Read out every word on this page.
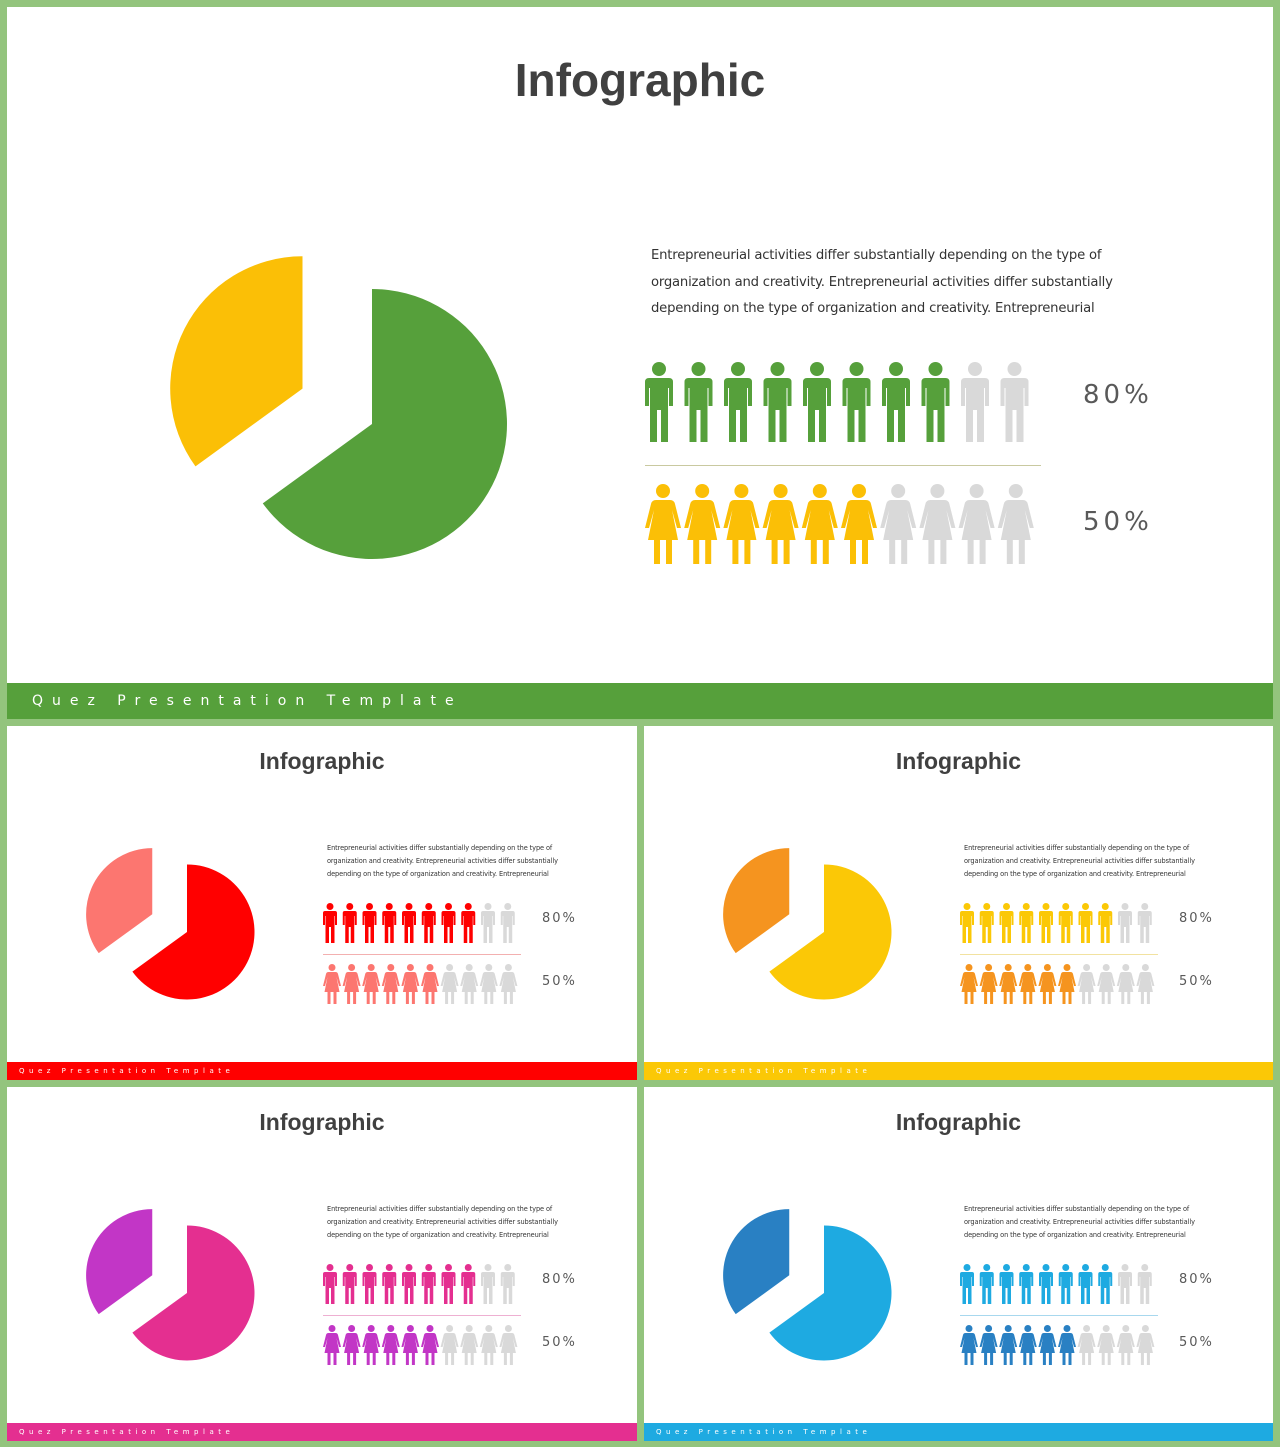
Infographic
Entrepreneurial activities differ substantially depending on the type of organization and creativity. Entrepreneurial activities differ substantially depending on the type of organization and creativity. Entrepreneurial
80%
50%
Quez Presentation Template
Infographic
Entrepreneurial activities differ substantially depending on the type of organization and creativity. Entrepreneurial activities differ substantially depending on the type of organization and creativity. Entrepreneurial
80%
50%
Quez Presentation Template
Infographic
Entrepreneurial activities differ substantially depending on the type of organization and creativity. Entrepreneurial activities differ substantially depending on the type of organization and creativity. Entrepreneurial
80%
50%
Quez Presentation Template
Infographic
Entrepreneurial activities differ substantially depending on the type of organization and creativity. Entrepreneurial activities differ substantially depending on the type of organization and creativity. Entrepreneurial
80%
50%
Quez Presentation Template
Infographic
Entrepreneurial activities differ substantially depending on the type of organization and creativity. Entrepreneurial activities differ substantially depending on the type of organization and creativity. Entrepreneurial
80%
50%
Quez Presentation Template
